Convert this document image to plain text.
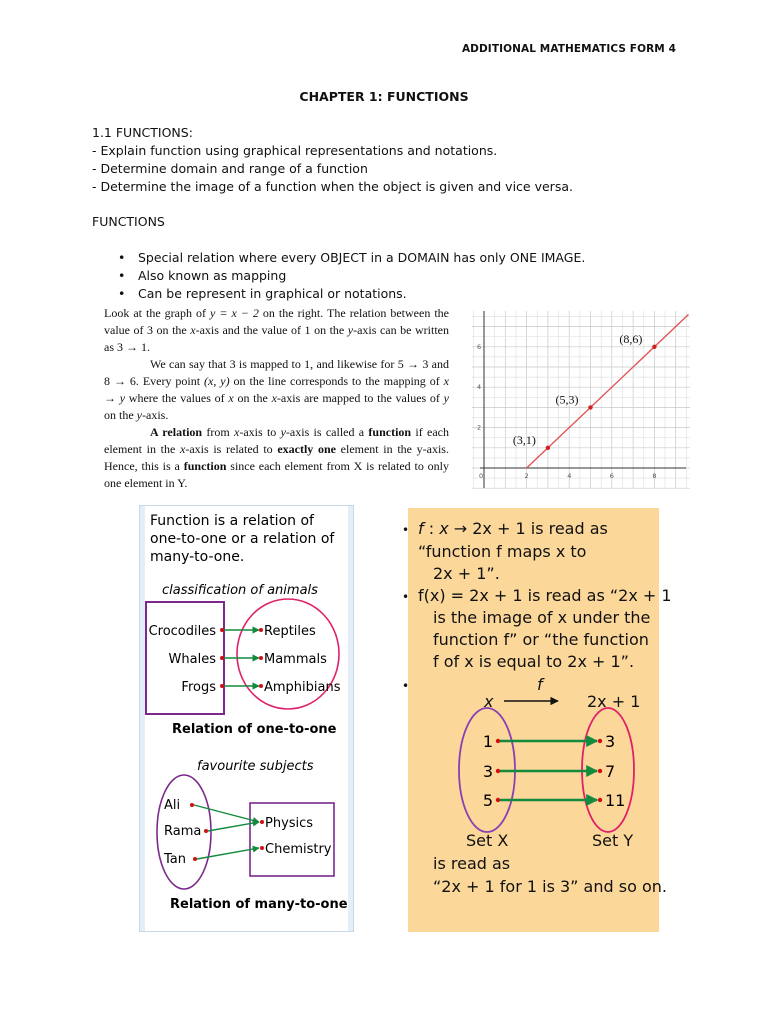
ADDITIONAL MATHEMATICS FORM 4
CHAPTER 1: FUNCTIONS
1.1 FUNCTIONS:
- Explain function using graphical representations and notations.
- Determine domain and range of a function
- Determine the image of a function when the object is given and vice versa.
FUNCTIONS
• Special relation where every OBJECT in a DOMAIN has only ONE IMAGE.
• Also known as mapping
• Can be represent in graphical or notations.

Look at the graph of y = x − 2 on the right. The relation between the value of 3 on the x-axis and the value of 1 on the y-axis can be written as 3 → 1.

We can say that 3 is mapped to 1, and likewise for 5 → 3 and 8 → 6. Every point (x, y) on the line corresponds to the mapping of x → y where the values of x on the x-axis are mapped to the values of y on the y-axis.

A relation from x-axis to y-axis is called a function if each element in the x-axis is related to exactly one element in the y-axis. Hence, this is a function since each element from X is related to only one element in Y.	0	2	4	6	8
2
4
6
(3,1)
(5,3)
(8,6)
Function is a relation of
one-to-one or a relation of
many-to-one.
classification of animals
Crocodiles	Reptiles
Whales	Mammals
Frogs	Amphibians
Relation of one-to-one
favourite subjects
Ali
Rama
Tan
Physics
Chemistry
Relation of many-to-one
• f : x → 2x + 1 is read as
“function f maps x to
2x + 1”.
• f(x) = 2x + 1 is read as “2x + 1
is the image of x under the
function f” or “the function
f of x is equal to 2x + 1”.
•	f
x	2x + 1
1	3
3	7
5	11
Set X	Set Y
is read as
“2x + 1 for 1 is 3” and so on.
